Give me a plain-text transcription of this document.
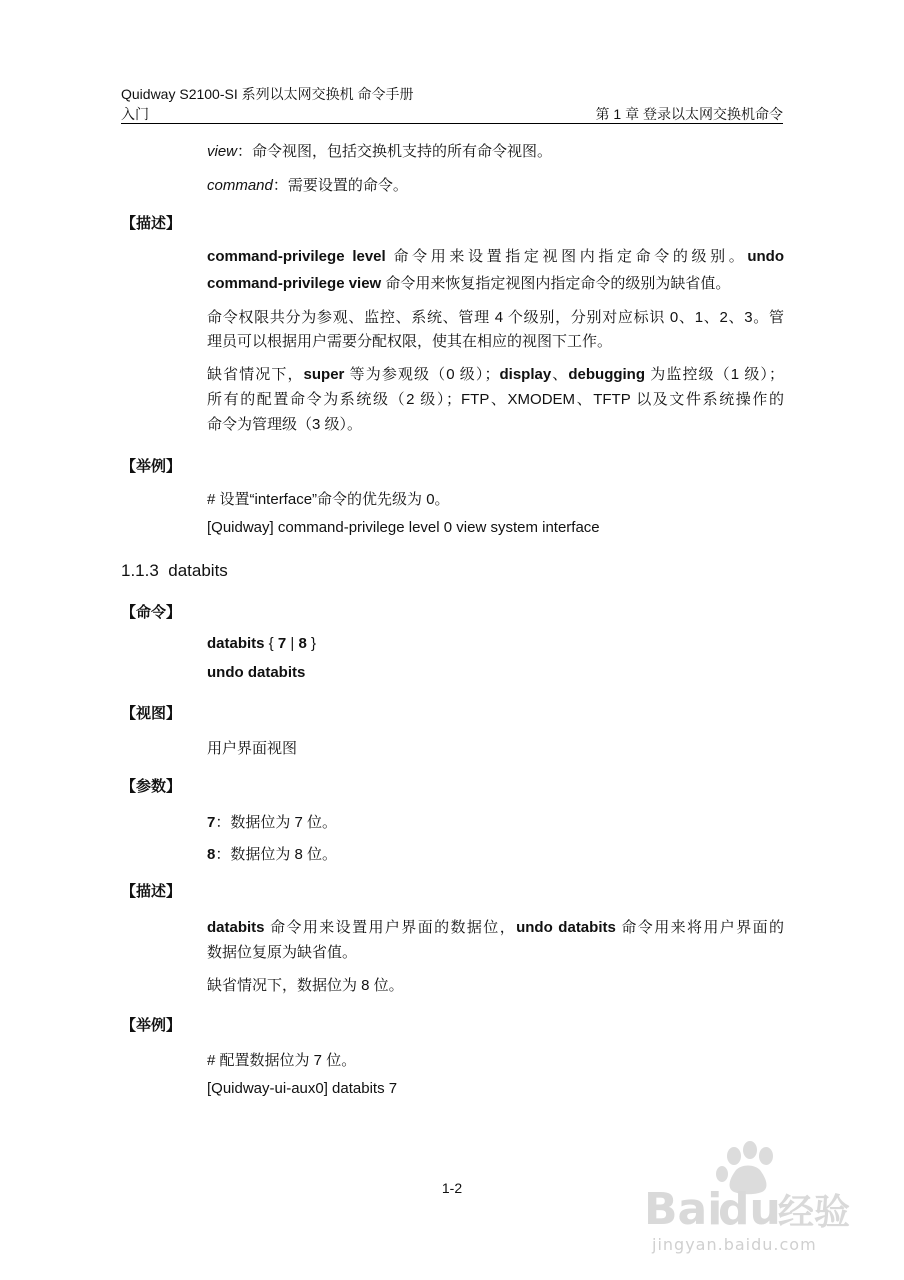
Quidway S2100-SI 系列以太网交换机 命令手册
入门	第 1 章 登录以太网交换机命令
view：命令视图，包括交换机支持的所有命令视图。
command：需要设置的命令。
【描述】
command-privilege level 命令用来设置指定视图内指定命令的级别。undo
command-privilege view 命令用来恢复指定视图内指定命令的级别为缺省值。
命令权限共分为参观、监控、系统、管理 4 个级别，分别对应标识 0、1、2、3。管
理员可以根据用户需要分配权限，使其在相应的视图下工作。
缺省情况下，super 等为参观级（0 级）；display、debugging 为监控级（1 级）；
所有的配置命令为系统级（2 级）；FTP、XMODEM、TFTP 以及文件系统操作的
命令为管理级（3 级）。
【举例】
# 设置“interface”命令的优先级为 0。
[Quidway] command-privilege level 0 view system interface
1.1.3 databits
【命令】
databits { 7 | 8 }
undo databits
【视图】
用户界面视图
【参数】
7：数据位为 7 位。
8：数据位为 8 位。
【描述】
databits 命令用来设置用户界面的数据位，undo databits 命令用来将用户界面的
数据位复原为缺省值。
缺省情况下，数据位为 8 位。
【举例】
# 配置数据位为 7 位。
[Quidway-ui-aux0] databits 7
1-2	Bai
du
经验
jingyan.baidu.com
